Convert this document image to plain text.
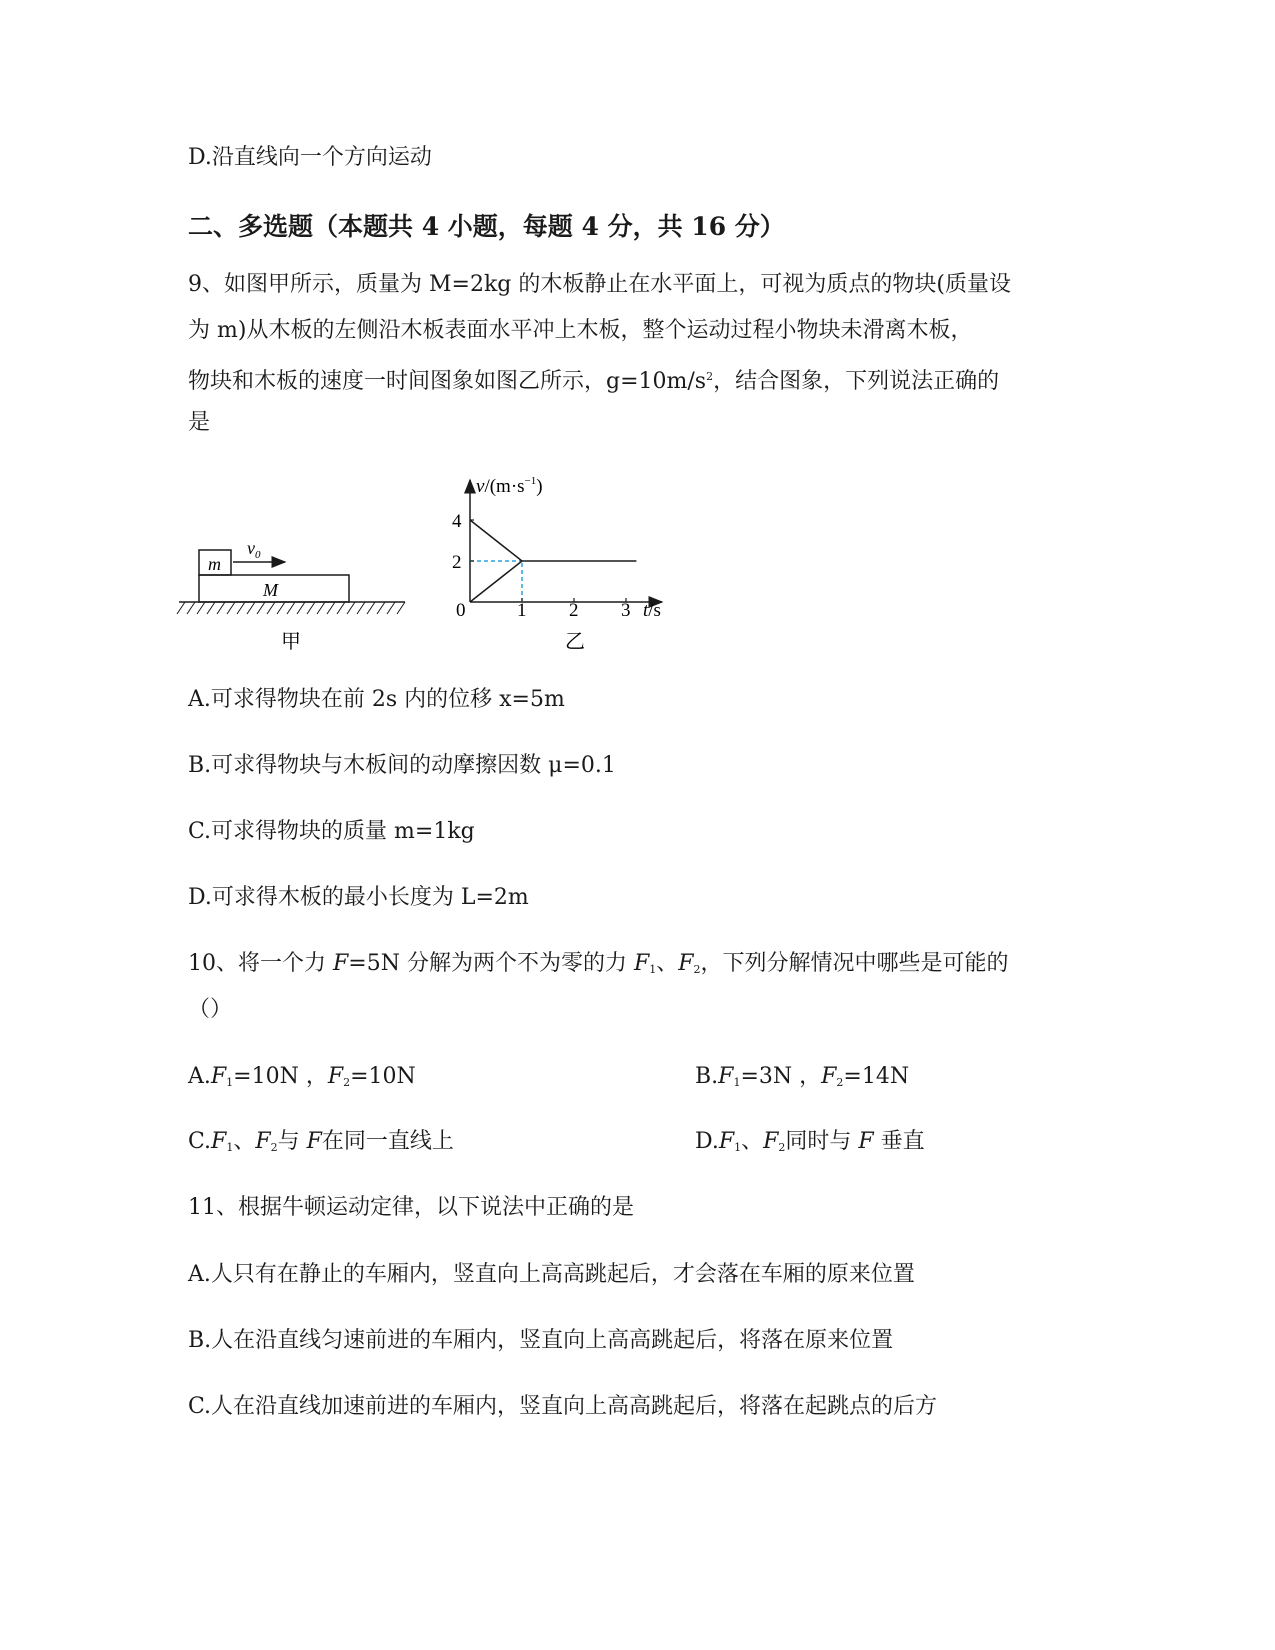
D.沿直线向一个方向运动
二、多选题（本题共 4 小题，每题 4 分，共 16 分）
9、如图甲所示，质量为 M=2kg 的木板静止在水平面上，可视为质点的物块(质量设
为 m)从木板的左侧沿木板表面水平冲上木板，整个运动过程小物块未滑离木板，
物块和木板的速度一时间图象如图乙所示，$g=10m/s^2$，结合图象，下列说法正确的
是
$v_0$
m
M
甲
1 2 3
2
4
$v/(m\cdot s^{-1})$
t/s
0
乙
A.可求得物块在前 2s 内的位移 x=5m
B.可求得物块与木板间的动摩擦因数 μ=0.1
C.可求得物块的质量 m=1kg
D.可求得木板的最小长度为 L=2m
10、将一个力 F=5N 分解为两个不为零的力 $F_1$、$F_2$，下列分解情况中哪些是可能的
（）
$A.F_1=10N$ ，$F_2=10N$	$B.F_1=3N$ ，$F_2=14N$
$C.F_1$、$F_2$与 F在同一直线上	$D.F_1$、$F_2$同时与 F 垂直
11、根据牛顿运动定律，以下说法中正确的是
A.人只有在静止的车厢内，竖直向上高高跳起后，才会落在车厢的原来位置
B.人在沿直线匀速前进的车厢内，竖直向上高高跳起后，将落在原来位置
C.人在沿直线加速前进的车厢内，竖直向上高高跳起后，将落在起跳点的后方
